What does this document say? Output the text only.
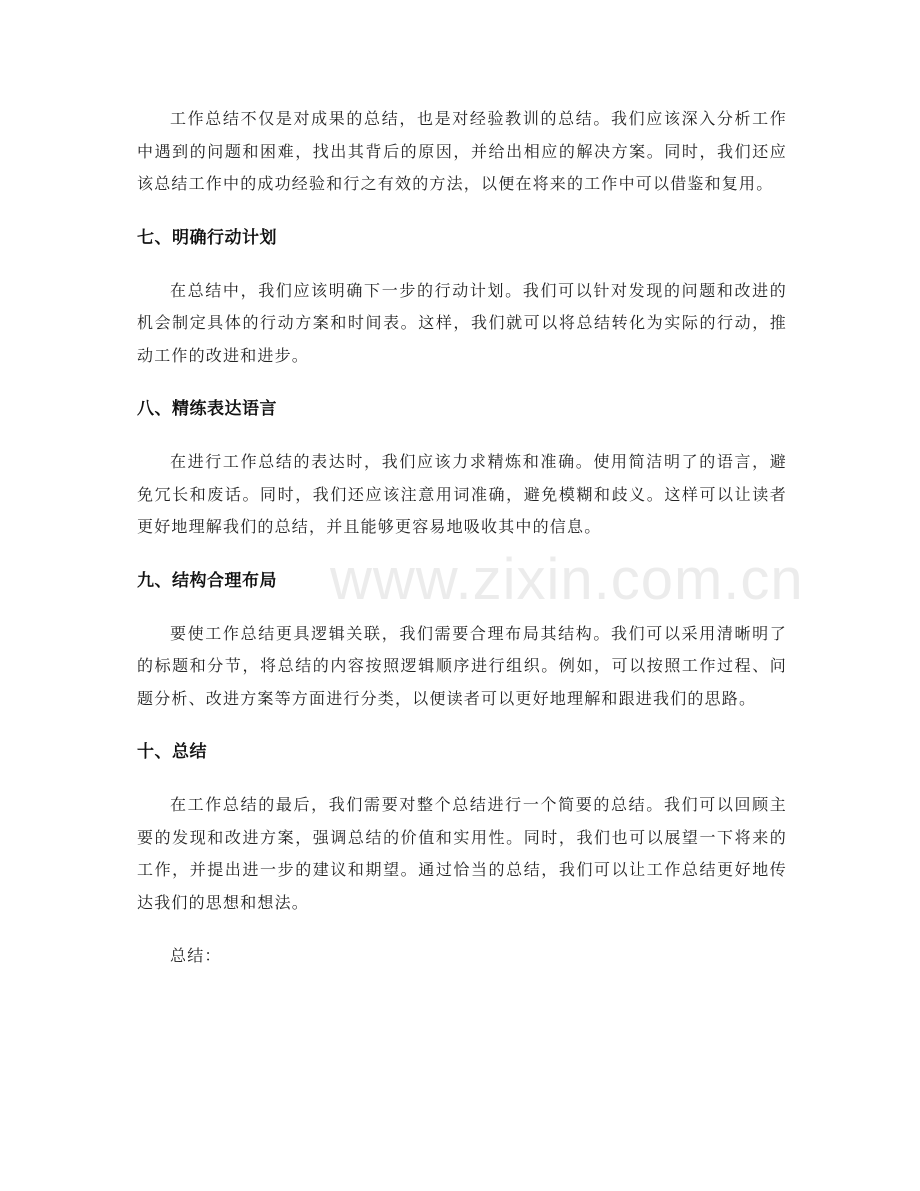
www.zixin.com.cn

工作总结不仅是对成果的总结，也是对经验教训的总结。我们应该深入分析工作中遇到的问题和困难，找出其背后的原因，并给出相应的解决方案。同时，我们还应该总结工作中的成功经验和行之有效的方法，以便在将来的工作中可以借鉴和复用。

七、明确行动计划

在总结中，我们应该明确下一步的行动计划。我们可以针对发现的问题和改进的机会制定具体的行动方案和时间表。这样，我们就可以将总结转化为实际的行动，推动工作的改进和进步。

八、精练表达语言

在进行工作总结的表达时，我们应该力求精炼和准确。使用简洁明了的语言，避免冗长和废话。同时，我们还应该注意用词准确，避免模糊和歧义。这样可以让读者更好地理解我们的总结，并且能够更容易地吸收其中的信息。

九、结构合理布局

要使工作总结更具逻辑关联，我们需要合理布局其结构。我们可以采用清晰明了的标题和分节，将总结的内容按照逻辑顺序进行组织。例如，可以按照工作过程、问题分析、改进方案等方面进行分类，以便读者可以更好地理解和跟进我们的思路。

十、总结

在工作总结的最后，我们需要对整个总结进行一个简要的总结。我们可以回顾主要的发现和改进方案，强调总结的价值和实用性。同时，我们也可以展望一下将来的工作，并提出进一步的建议和期望。通过恰当的总结，我们可以让工作总结更好地传达我们的思想和想法。

总结：
